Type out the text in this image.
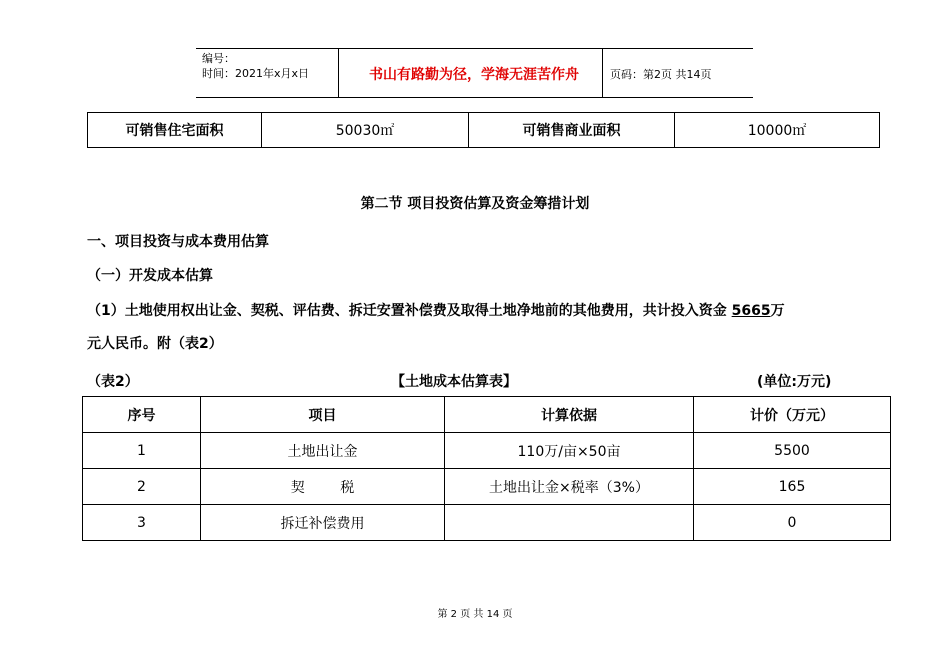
编号：
时间：2021年x月x日	书山有路勤为径，学海无涯苦作舟	页码：第2页 共14页
可销售住宅面积	50030㎡	可销售商业面积	10000㎡
第二节 项目投资估算及资金筹措计划
一、项目投资与成本费用估算
（一）开发成本估算
（1）土地使用权出让金、契税、评估费、拆迁安置补偿费及取得土地净地前的其他费用，共计投入资金 5665万
元人民币。附（表2）
（表2）	【土地成本估算表】	(单位:万元)
序号	项目	计算依据	计价（万元）
1	土地出让金	110万/亩×50亩	5500
2	契        税	土地出让金×税率（3%）	165
3	拆迁补偿费用		0
第 2 页 共 14 页
